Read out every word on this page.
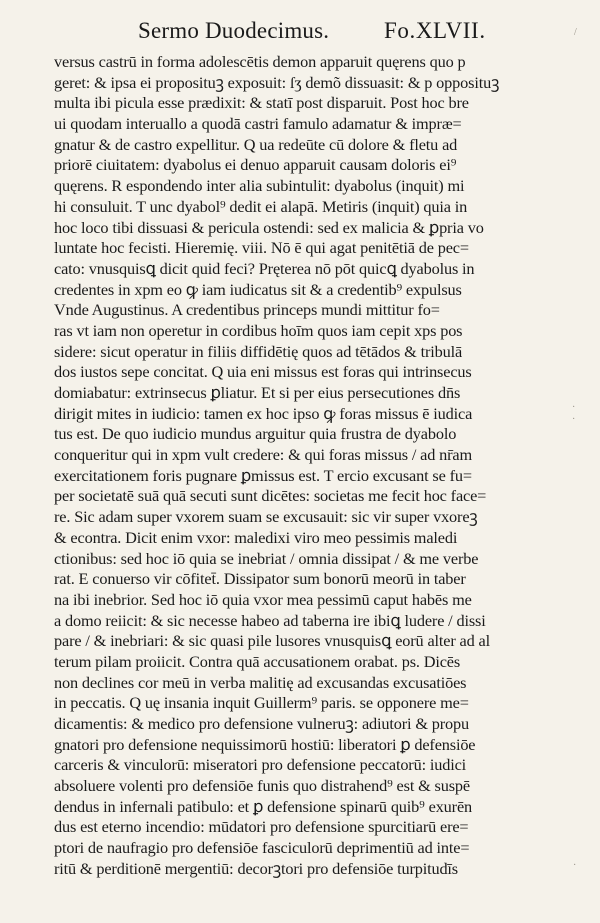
Sermo Duodecimus. Fo.XLVII.
versus castrū in forma adolescētis demon apparuit quęrens quo p
geret: & ipsa ei proposituꝫ exposuit: ſʒ demõ dissuasit: & p opposituꝫ
multa ibi picula esse prædixit: & statī post disparuit. Post hoc bre
ui quodam interuallo a quodā castri famulo adamatur & impræ=
gnatur & de castro expellitur. Q ua redeūte cū dolore & fletu ad
priorē ciuitatem: dyabolus ei denuo apparuit causam doloris ei⁹
quęrens. R espondendo inter alia subintulit: dyabolus (inquit) mi
hi consuluit. T unc dyabol⁹ dedit ei alapā. Metiris (inquit) quia in
hoc loco tibi dissuasi & pericula ostendi: sed ex malicia & ꝑpria vo
luntate hoc fecisti. Hieremię. viii. Nō ē qui agat penitētiā de pec=
cato: vnusquisꝗ dicit quid feci? Pręterea nō pōt quicꝗ dyabolus in
credentes in xpm eo ꝙ iam iudicatus sit & a credentib⁹ expulsus
Vnde Augustinus. A credentibus princeps mundi mittitur fo=
ras vt iam non operetur in cordibus hoīm quos iam cepit xps pos
sidere: sicut operatur in filiis diffidētię quos ad tētādos & tribulā
dos iustos sepe concitat. Q uia eni missus est foras qui intrinsecus
domiabatur: extrinsecus ꝑliatur. Et si per eius persecutiones dn̄s
dirigit mites in iudicio: tamen ex hoc ipso ꝙ foras missus ē iudica
tus est. De quo iudicio mundus arguitur quia frustra de dyabolo
conqueritur qui in xpm vult credere: & qui foras missus / ad nr̄am
exercitationem foris pugnare ꝑmissus est. T ercio excusant se fu=
per societatē suā quā secuti sunt dicētes: societas me fecit hoc face=
re. Sic adam super vxorem suam se excusauit: sic vir super vxoreꝫ
& econtra. Dicit enim vxor: maledixi viro meo pessimis maledi
ctionibus: sed hoc iō quia se inebriat / omnia dissipat / & me verbe
rat. E conuerso vir cōfitet̄. Dissipator sum bonorū meorū in taber
na ibi inebrior. Sed hoc iō quia vxor mea pessimū caput habēs me
a domo reiicit: & sic necesse habeo ad taberna ire ibiꝗ ludere / dissi
pare / & inebriari: & sic quasi pile lusores vnusquisꝗ eorū alter ad al
terum pilam proiicit. Contra quā accusationem orabat. ps. Dicēs
non declines cor meū in verba malitię ad excusandas excusatiōes
in peccatis. Q uę insania inquit Guillerm⁹ paris. se opponere me=
dicamentis: & medico pro defensione vulneruꝫ: adiutori & propu
gnatori pro defensione nequissimorū hostiū: liberatori ꝑ defensiōe
carceris & vinculorū: miseratori pro defensione peccatorū: iudici
absoluere volenti pro defensiōe funis quo distrahend⁹ est & suspē
dendus in infernali patibulo: et ꝑ defensione spinarū quib⁹ exurēn
dus est eterno incendio: mūdatori pro defensione spurcitiarū ere=
ptori de naufragio pro defensiōe fasciculorū deprimentiū ad inte=
ritū & perditionē mergentiū: decorꝫtori pro defensiōe turpitudīs
/
·
·
·
